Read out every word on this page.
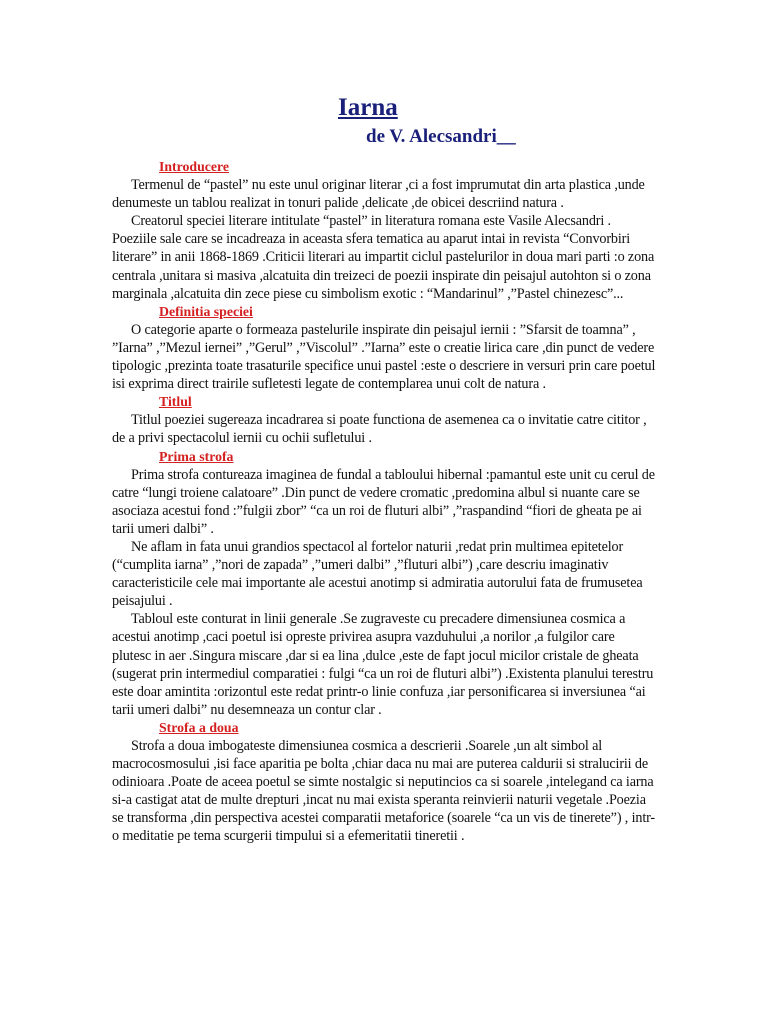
Iarna
de V. Alecsandri__
Introducere

Termenul de “pastel” nu este unul originar literar ,ci a fost imprumutat din arta plastica ,unde denumeste un tablou realizat in tonuri palide ,delicate ,de obicei descriind natura .

Creatorul speciei literare intitulate “pastel” in literatura romana este Vasile Alecsandri . Poeziile sale care se incadreaza in aceasta sfera tematica au aparut intai in revista “Convorbiri literare” in anii 1868-1869 .Criticii literari au impartit ciclul pastelurilor in doua mari parti :o zona centrala ,unitara si masiva ,alcatuita din treizeci de poezii inspirate din peisajul autohton si o zona marginala ,alcatuita din zece piese cu simbolism exotic : “Mandarinul” ,”Pastel chinezesc”...

Definitia speciei

O categorie aparte o formeaza pastelurile inspirate din peisajul iernii : ”Sfarsit de toamna” , ”Iarna” ,”Mezul iernei” ,”Gerul” ,”Viscolul” .”Iarna” este o creatie lirica care ,din punct de vedere tipologic ,prezinta toate trasaturile specifice unui pastel :este o descriere in versuri prin care poetul isi exprima direct trairile sufletesti legate de contemplarea unui colt de natura .

Titlul

Titlul poeziei sugereaza incadrarea si poate functiona de asemenea ca o invitatie catre cititor , de a privi spectacolul iernii cu ochii sufletului .

Prima strofa

Prima strofa contureaza imaginea de fundal a tabloului hibernal :pamantul este unit cu cerul de catre “lungi troiene calatoare” .Din punct de vedere cromatic ,predomina albul si nuante care se asociaza acestui fond :”fulgii zbor” “ca un roi de fluturi albi” ,”raspandind “fiori de gheata pe ai tarii umeri dalbi” .

Ne aflam in fata unui grandios spectacol al fortelor naturii ,redat prin multimea epitetelor (“cumplita iarna” ,”nori de zapada” ,”umeri dalbi” ,”fluturi albi”) ,care descriu imaginativ caracteristicile cele mai importante ale acestui anotimp si admiratia autorului fata de frumusetea peisajului .

Tabloul este conturat in linii generale .Se zugraveste cu precadere dimensiunea cosmica a acestui anotimp ,caci poetul isi opreste privirea asupra vazduhului ,a norilor ,a fulgilor care plutesc in aer .Singura miscare ,dar si ea lina ,dulce ,este de fapt jocul micilor cristale de gheata (sugerat prin intermediul comparatiei : fulgi “ca un roi de fluturi albi”) .Existenta planului terestru este doar amintita :orizontul este redat printr-o linie confuza ,iar personificarea si inversiunea “ai tarii umeri dalbi” nu desemneaza un contur clar .

Strofa a doua

Strofa a doua imbogateste dimensiunea cosmica a descrierii .Soarele ,un alt simbol al macrocosmosului ,isi face aparitia pe bolta ,chiar daca nu mai are puterea caldurii si stralucirii de odinioara .Poate de aceea poetul se simte nostalgic si neputincios ca si soarele ,intelegand ca iarna si-a castigat atat de multe drepturi ,incat nu mai exista speranta reinvierii naturii vegetale .Poezia se transforma ,din perspectiva acestei comparatii metaforice (soarele “ca un vis de tinerete”) , intr-o meditatie pe tema scurgerii timpului si a efemeritatii tineretii .
